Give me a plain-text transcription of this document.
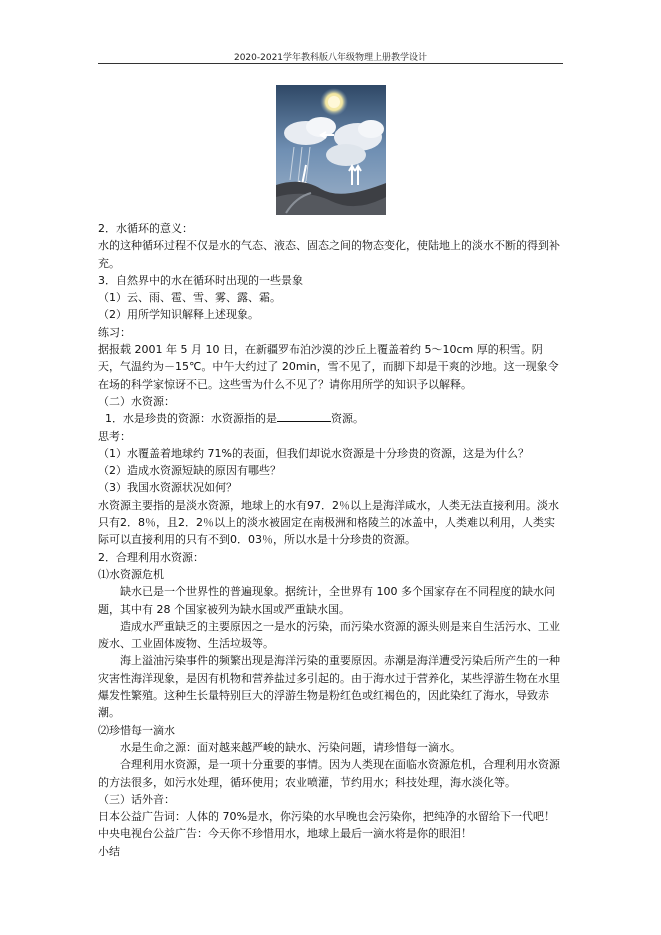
2020-2021学年教科版八年级物理上册教学设计

2．水循环的意义：

水的这种循环过程不仅是水的气态、液态、固态之间的物态变化，使陆地上的淡水不断的得到补充。

3．自然界中的水在循环时出现的一些景象

（1）云、雨、雹、雪、雾、露、霜。

（2）用所学知识解释上述现象。

练习：

据报载 2001 年 5 月 10 日，在新疆罗布泊沙漠的沙丘上覆盖着约 5～10cm 厚的积雪。阴天，气温约为－15℃。中午大约过了 20min，雪不见了，而脚下却是干爽的沙地。这一现象令在场的科学家惊讶不已。这些雪为什么不见了？请你用所学的知识予以解释。

（二）水资源：

1．水是珍贵的资源：水资源指的是	资源。

思考：

（1）水覆盖着地球约 71%的表面，但我们却说水资源是十分珍贵的资源，这是为什么？

（2）造成水资源短缺的原因有哪些？

（3）我国水资源状况如何？

水资源主要指的是淡水资源，地球上的水有97．2％以上是海洋咸水，人类无法直接利用。淡水只有2．8％，且2．2％以上的淡水被固定在南极洲和格陵兰的冰盖中，人类难以利用，人类实际可以直接利用的只有不到0．03％，所以水是十分珍贵的资源。

2．合理利用水资源：

⑴水资源危机

缺水已是一个世界性的普遍现象。据统计，全世界有 100 多个国家存在不同程度的缺水问题，其中有 28 个国家被列为缺水国或严重缺水国。

造成水严重缺乏的主要原因之一是水的污染，而污染水资源的源头则是来自生活污水、工业废水、工业固体废物、生活垃圾等。

海上溢油污染事件的频繁出现是海洋污染的重要原因。赤潮是海洋遭受污染后所产生的一种灾害性海洋现象，是因有机物和营养盐过多引起的。由于海水过于营养化，某些浮游生物在水里爆发性繁殖。这种生长量特别巨大的浮游生物是粉红色或红褐色的，因此染红了海水，导致赤潮。

⑵珍惜每一滴水

水是生命之源：面对越来越严峻的缺水、污染问题，请珍惜每一滴水。

合理利用水资源，是一项十分重要的事情。因为人类现在面临水资源危机，合理利用水资源的方法很多，如污水处理，循环使用；农业喷灌，节约用水；科技处理，海水淡化等。

（三）话外音：

日本公益广告词：人体的 70%是水，你污染的水早晚也会污染你，把纯净的水留给下一代吧！

中央电视台公益广告：今天你不珍惜用水，地球上最后一滴水将是你的眼泪！

小结
